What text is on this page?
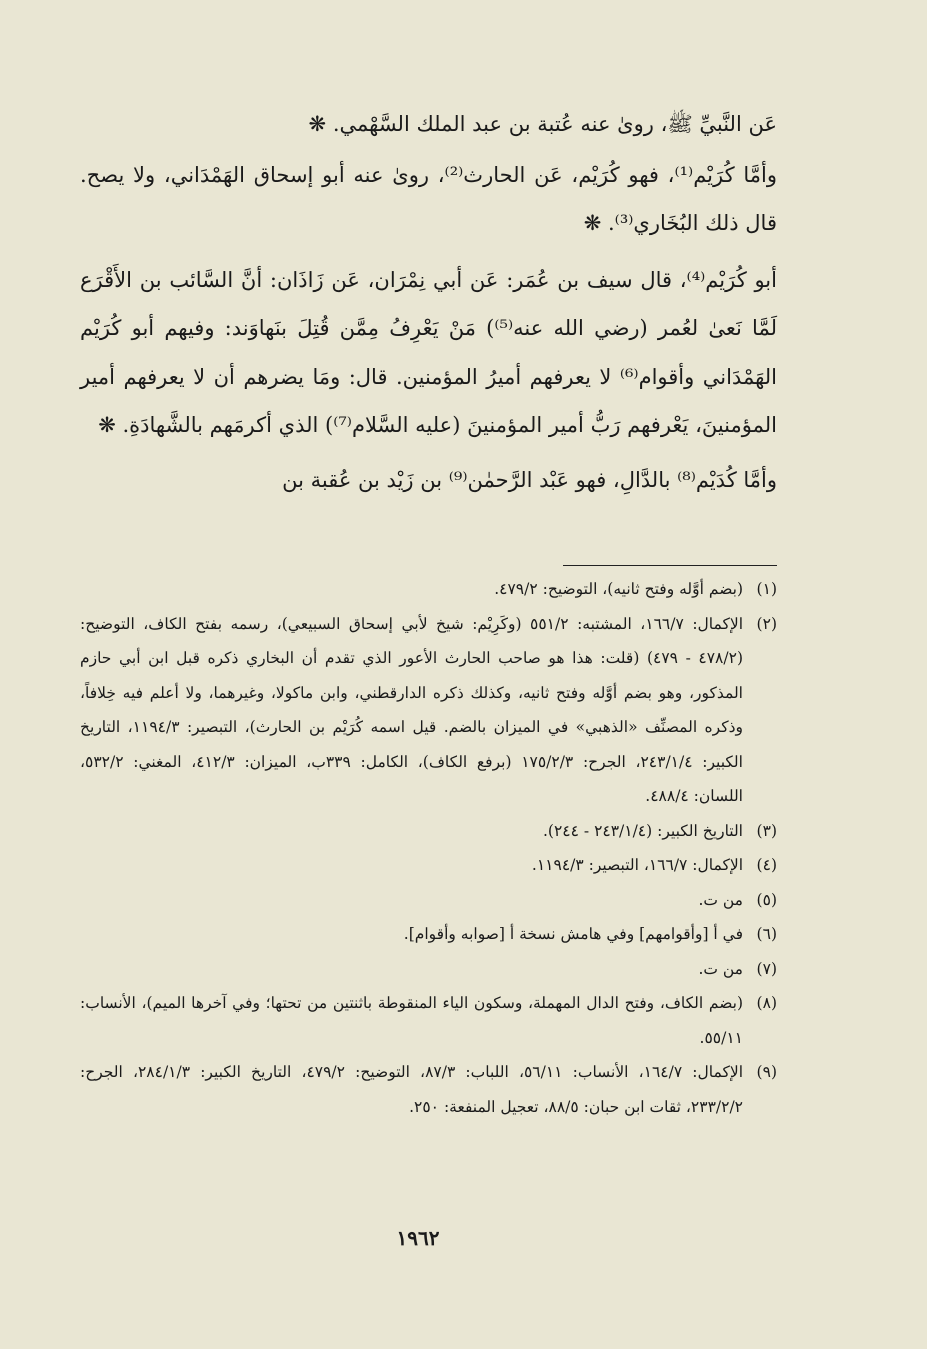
عَن النَّبيِّ ﷺ، روىٰ عنه عُتبة بن عبد الملك السَّهْمي. ❋

وأمَّا كُرَيْم⁽¹⁾، فهو كُرَيْم، عَن الحارث⁽²⁾، روىٰ عنه أبو إسحاق الهَمْدَاني، ولا يصح. قال ذلك البُخَاري⁽³⁾. ❋

أبو كُرَيْم⁽⁴⁾، قال سيف بن عُمَر: عَن أبي نِمْرَان، عَن زَاذَان: أنَّ السَّائب بن الأَقْرَع لَمَّا نَعىٰ لعُمر (رضي الله عنه⁽⁵⁾) مَنْ يَعْرِفُ مِمَّن قُتِلَ بنَهاوَند: وفيهم أبو كُرَيْم الهَمْدَاني وأقوام⁽⁶⁾ لا يعرفهم أميرُ المؤمنين. قال: ومَا يضرهم أن لا يعرفهم أمير المؤمنينَ، يَعْرفهم رَبُّ أمير المؤمنينَ (عليه السَّلام⁽⁷⁾) الذي أكرمَهم بالشَّهادَةِ. ❋

وأمَّا كُدَيْم⁽⁸⁾ بالدَّالِ، فهو عَبْد الرَّحمٰن⁽⁹⁾ بن زَيْد بن عُقبة بن

(١)
(بضم أوَّله وفتح ثانيه)، التوضيح: ٤٧٩/٢.
(٢)
الإكمال: ١٦٦/٧، المشتبه: ٥٥١/٢ (وكَرِيْم: شيخ لأبي إسحاق السبيعي)، رسمه بفتح الكاف، التوضيح: (٤٧٨/٢ - ٤٧٩) (قلت: هذا هو صاحب الحارث الأعور الذي تقدم أن البخاري ذكره قبل ابن أبي حازم المذكور، وهو بضم أوَّله وفتح ثانيه، وكذلك ذكره الدارقطني، وابن ماكولا، وغيرهما، ولا أعلم فيه خِلافاً، وذكره المصنِّف «الذهبي» في الميزان بالضم. قيل اسمه كُرَيْم بن الحارث)، التبصير: ١١٩٤/٣، التاريخ الكبير: ٢٤٣/١/٤، الجرح: ١٧٥/٢/٣ (برفع الكاف)، الكامل: ٣٣٩ب، الميزان: ٤١٢/٣، المغني: ٥٣٢/٢، اللسان: ٤٨٨/٤.
(٣)
التاريخ الكبير: (٢٤٣/١/٤ - ٢٤٤).
(٤)
الإكمال: ١٦٦/٧، التبصير: ١١٩٤/٣.
(٥)
من ت.
(٦)
في أ [وأقوامهم] وفي هامش نسخة أ [صوابه وأقوام].
(٧)
من ت.
(٨)
(بضم الكاف، وفتح الدال المهملة، وسكون الياء المنقوطة باثنتين من تحتها؛ وفي آخرها الميم)، الأنساب: ٥٥/١١.
(٩)
الإكمال: ١٦٤/٧، الأنساب: ٥٦/١١، اللباب: ٨٧/٣، التوضيح: ٤٧٩/٢، التاريخ الكبير: ٢٨٤/١/٣، الجرح: ٢٣٣/٢/٢، ثقات ابن حبان: ٨٨/٥، تعجيل المنفعة: ٢٥٠.
١٩٦٢
